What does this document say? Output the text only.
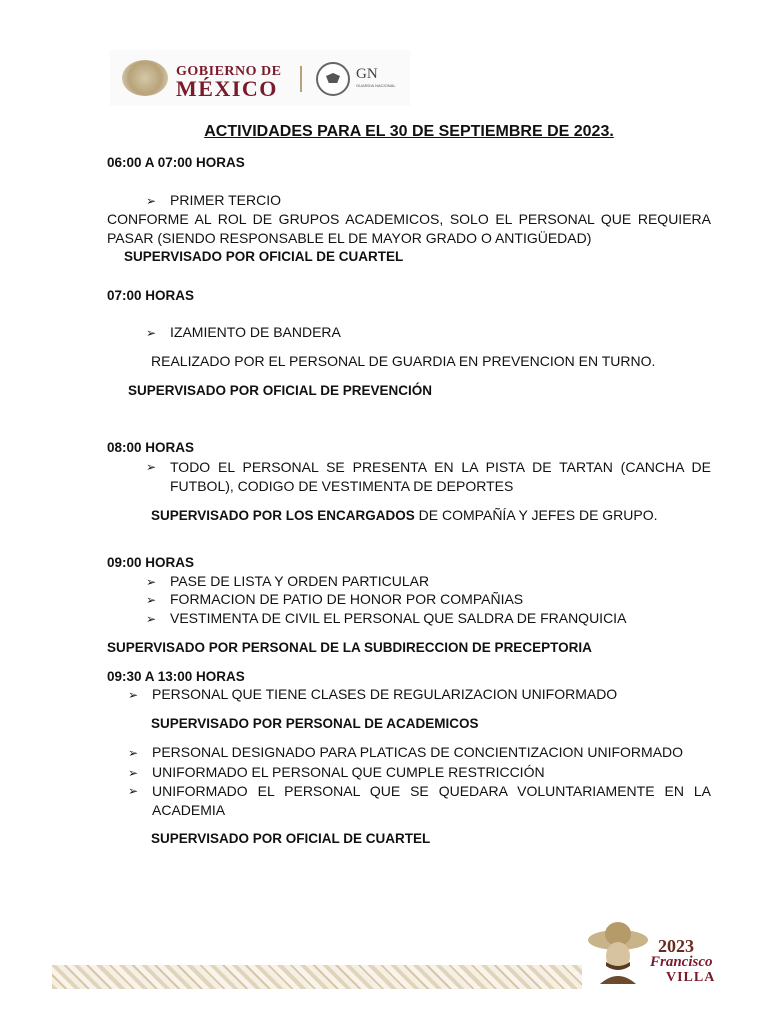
GOBIERNO DE
MÉXICO
GN
GUARDIA NACIONAL
ACTIVIDADES PARA EL 30 DE SEPTIEMBRE DE 2023.
06:00 A 07:00 HORAS
➢ PRIMER TERCIO
CONFORME AL ROL DE GRUPOS ACADEMICOS, SOLO EL PERSONAL QUE REQUIERA PASAR (SIENDO RESPONSABLE EL DE MAYOR GRADO O ANTIGÜEDAD)
SUPERVISADO POR OFICIAL DE CUARTEL
07:00 HORAS
➢ IZAMIENTO DE BANDERA
REALIZADO POR EL PERSONAL DE GUARDIA EN PREVENCION EN TURNO.
SUPERVISADO POR OFICIAL DE PREVENCIÓN
08:00 HORAS
➢ TODO EL PERSONAL SE PRESENTA EN LA PISTA DE TARTAN (CANCHA DE FUTBOL), CODIGO DE VESTIMENTA DE DEPORTES
SUPERVISADO POR LOS ENCARGADOS DE COMPAÑÍA Y JEFES DE GRUPO.
09:00 HORAS
➢ PASE DE LISTA Y ORDEN PARTICULAR
➢ FORMACION DE PATIO DE HONOR POR COMPAÑIAS
➢ VESTIMENTA DE CIVIL EL PERSONAL QUE SALDRA DE FRANQUICIA
SUPERVISADO POR PERSONAL DE LA SUBDIRECCION DE PRECEPTORIA
09:30 A 13:00 HORAS
➢ PERSONAL QUE TIENE CLASES DE REGULARIZACION UNIFORMADO
SUPERVISADO POR PERSONAL DE ACADEMICOS
➢ PERSONAL DESIGNADO PARA PLATICAS DE CONCIENTIZACION UNIFORMADO
➢ UNIFORMADO EL PERSONAL QUE CUMPLE RESTRICCIÓN
➢ UNIFORMADO EL PERSONAL QUE SE QUEDARA VOLUNTARIAMENTE EN LA ACADEMIA
SUPERVISADO POR OFICIAL DE CUARTEL
2023
Francisco
VILLA
